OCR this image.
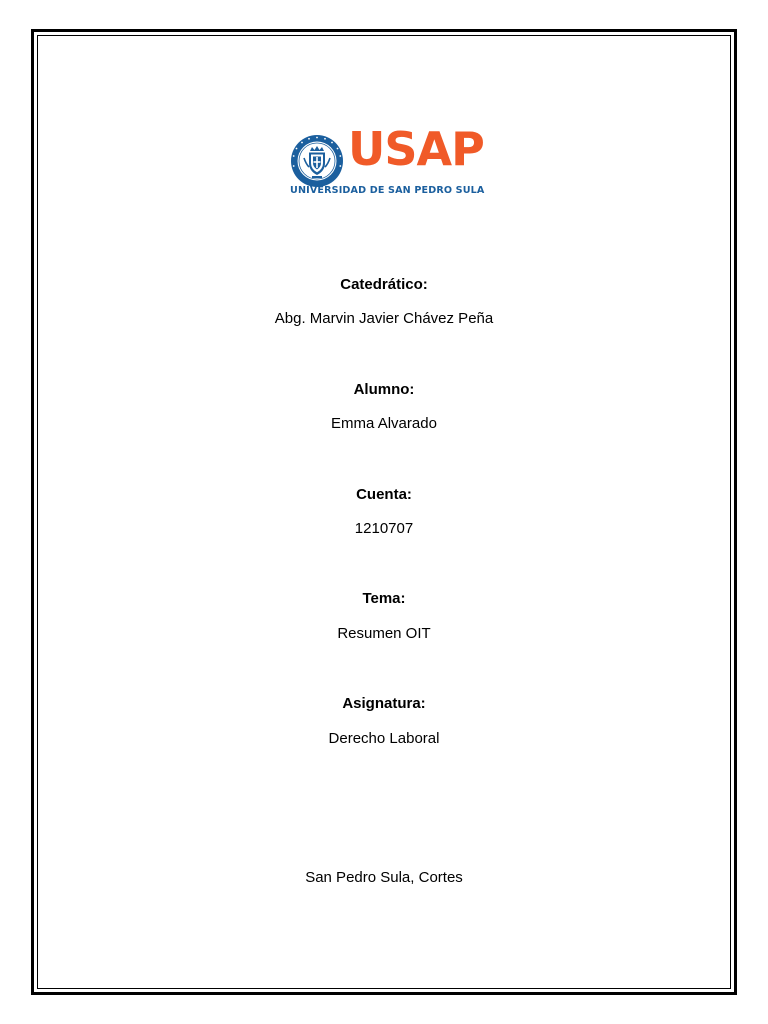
USAP
UNIVERSIDAD DE SAN PEDRO SULA
Catedrático:
Abg. Marvin Javier Chávez Peña
Alumno:
Emma Alvarado
Cuenta:
1210707
Tema:
Resumen OIT
Asignatura:
Derecho Laboral
San Pedro Sula, Cortes
